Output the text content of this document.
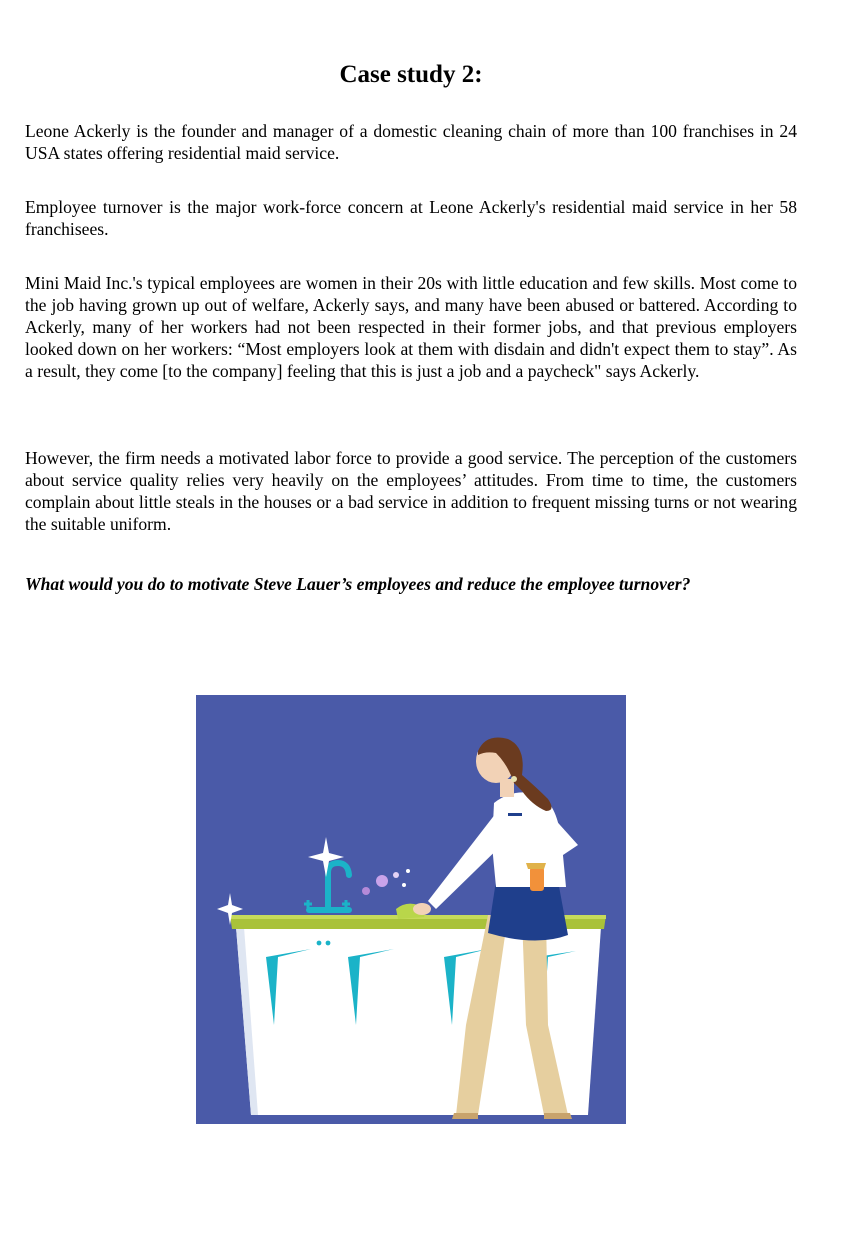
Case study 2:

Leone Ackerly is the founder and manager of a domestic cleaning chain of more than 100 franchises in 24 USA states offering residential maid service.

Employee turnover is the major work-force concern at Leone Ackerly's residential maid service in her 58 franchisees.

Mini Maid Inc.'s typical employees are women in their 20s with little education and few skills. Most come to the job having grown up out of welfare, Ackerly says, and many have been abused or battered. According to Ackerly, many of her workers had not been respected in their former jobs, and that previous employers looked down on her workers: “Most employers look at them with disdain and didn't expect them to stay”. As a result, they come [to the company] feeling that this is just a job and a paycheck" says Ackerly.

However, the firm needs a motivated labor force to provide a good service. The perception of the customers about service quality relies very heavily on the employees’ attitudes. From time to time, the customers complain about little steals in the houses or a bad service in addition to frequent missing turns or not wearing the suitable uniform.

What would you do to motivate Steve Lauer’s employees and reduce the employee turnover?
